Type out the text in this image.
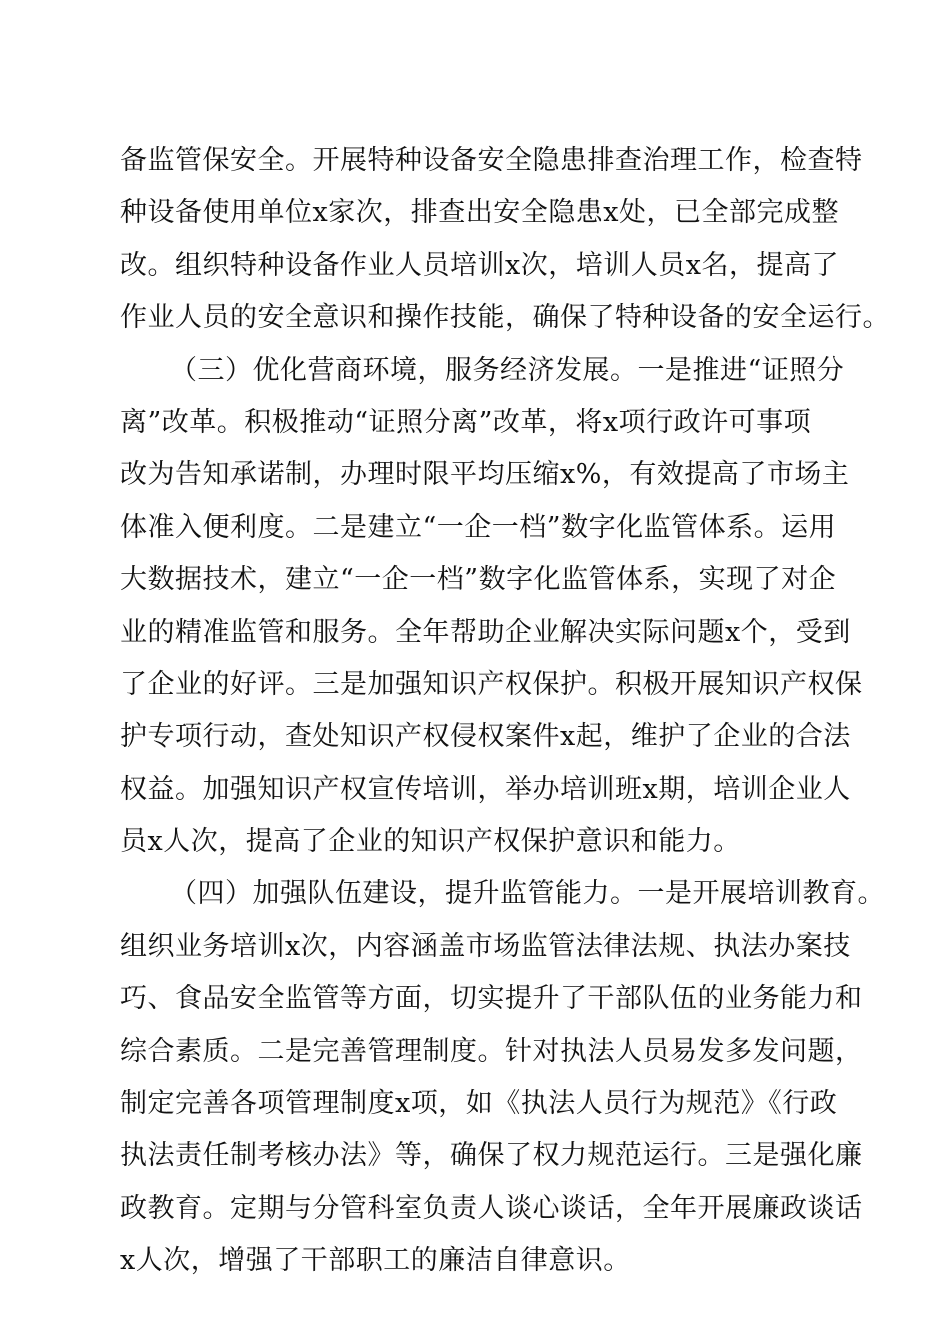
备监管保安全。开展特种设备安全隐患排查治理工作，检查特
种设备使用单位x家次，排查出安全隐患x处，已全部完成整
改。组织特种设备作业人员培训x次，培训人员x名，提高了
作业人员的安全意识和操作技能，确保了特种设备的安全运行。
（三）优化营商环境，服务经济发展。一是推进“证照分
离”改革。积极推动“证照分离”改革，将x项行政许可事项
改为告知承诺制，办理时限平均压缩x%，有效提高了市场主
体准入便利度。二是建立“一企一档”数字化监管体系。运用
大数据技术，建立“一企一档”数字化监管体系，实现了对企
业的精准监管和服务。全年帮助企业解决实际问题x个，受到
了企业的好评。三是加强知识产权保护。积极开展知识产权保
护专项行动，查处知识产权侵权案件x起，维护了企业的合法
权益。加强知识产权宣传培训，举办培训班x期，培训企业人
员x人次，提高了企业的知识产权保护意识和能力。
（四）加强队伍建设，提升监管能力。一是开展培训教育。
组织业务培训x次，内容涵盖市场监管法律法规、执法办案技
巧、食品安全监管等方面，切实提升了干部队伍的业务能力和
综合素质。二是完善管理制度。针对执法人员易发多发问题，
制定完善各项管理制度x项，如《执法人员行为规范》《行政
执法责任制考核办法》等，确保了权力规范运行。三是强化廉
政教育。定期与分管科室负责人谈心谈话，全年开展廉政谈话
x人次，增强了干部职工的廉洁自律意识。
